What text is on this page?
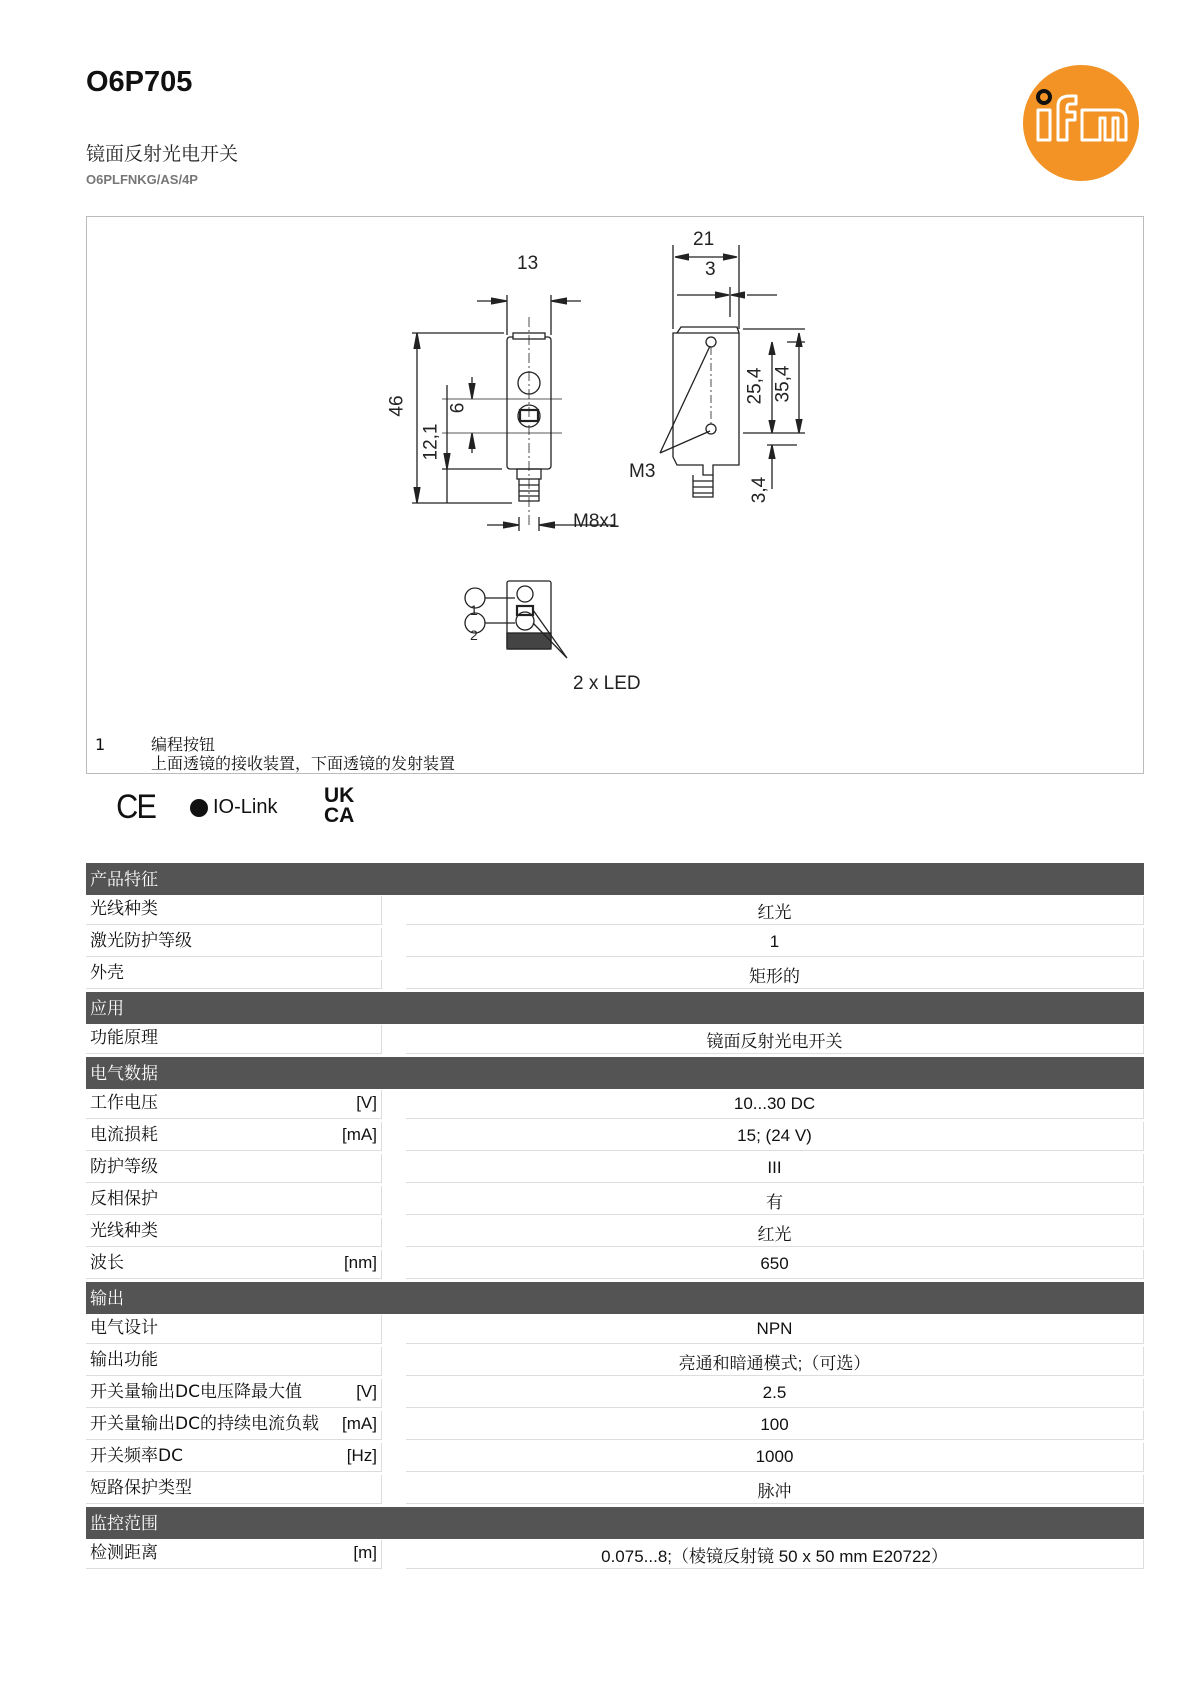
O6P705
镜面反射光电开关
O6PLFNKG/AS/4P
13
21
3
46 6
12,1
25,4 35,4
3,4
M8x1
M3
2 x LED
1
2
1	编程按钮
上面透镜的接收装置，下面透镜的发射装置
CE	IO-Link UK
CA
产品特征
光线种类	红光
激光防护等级	1
外壳	矩形的
应用
功能原理	镜面反射光电开关
电气数据
工作电压	[V]	10...30 DC
电流损耗	[mA]	15; (24 V)
防护等级	III
反相保护	有
光线种类	红光
波长	[nm]	650
输出
电气设计	NPN
输出功能	亮通和暗通模式;（可选）
开关量输出DC电压降最大值	[V]	2.5
开关量输出DC的持续电流负载	[mA]	100
开关频率DC	[Hz]	1000
短路保护类型	脉冲
监控范围
检测距离	[m]	0.075...8;（棱镜反射镜 50 x 50 mm E20722）
